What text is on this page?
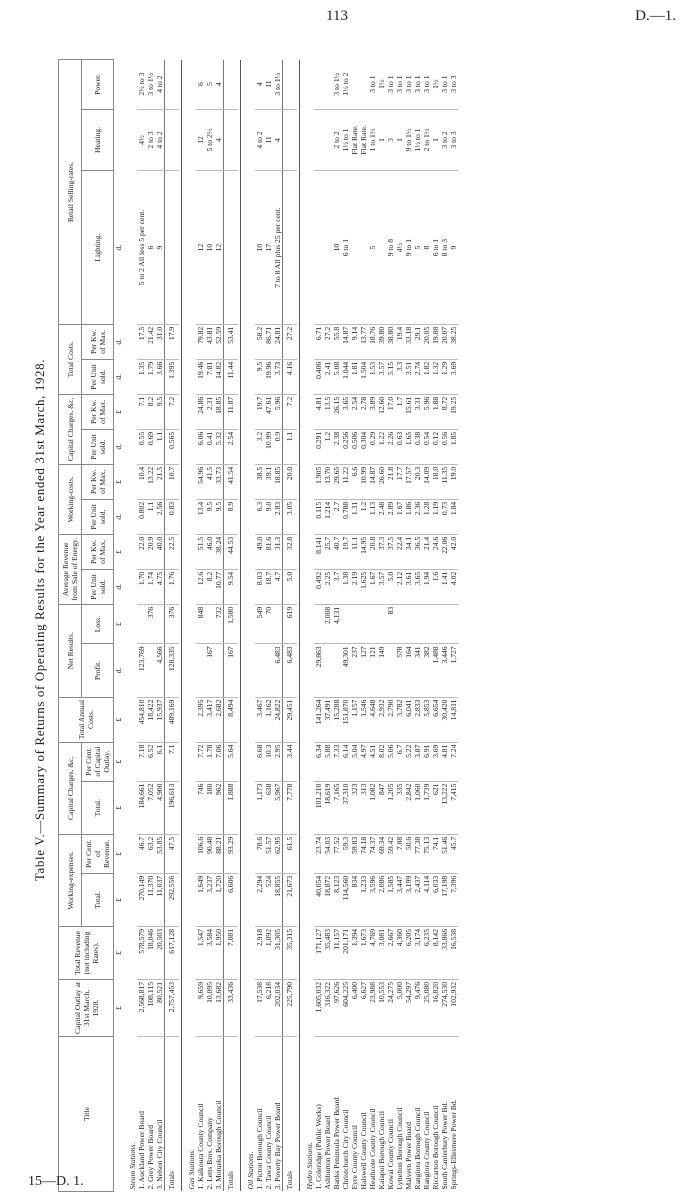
113	D.—1.
Table V.—Summary of Returns of Operating Results for the Year ended 31st March, 1928.
Title	Capital Outlay at 31st March, 1928.	Total Revenue (not including Rates).	Working-expenses.		Capital Charges, &c.		Total Annual Costs.	Net Results.		Average Revenue from Sale of Energy.		Working-costs.		Capital Charges, &c.		Total Costs.		Retail Selling-rates.			
			Total.	Per Cent. of Revenue.	Total.	Per Cent. of Capital Outlay.		Profit.	Loss.	Per Unit sold.	Per Kw. of Max.	Per Unit sold.	Per Kw. of Max.	Per Unit sold.	Per Kw. of Max.	Per Unit sold.	Per Kw. of Max.	Lighting.	Heating.	Power.	
	£	£	£	£	£	£	£	d.	£	d.	£	d.	£	d.	£	d.	d.	d.			
Steam Stations.																					
1. Auckland Power Board	2,568,817	578,579	270,149	46.7	184,661	7.18	454,810	123,769		1.70	22.0	0.802	10.4	0.55	7.1	1.35	17.5	5 to 2 All less 5 per cent.	4½	2½ to 3	
2. Grey Power Board	108,115	18,046	11,370	63.2	7,052	6.52	18,422		376	1.74	20.9	1.1	13.22	0.69	8.2	1.79	21.42	6	2 to 3	3 to 1½	
3. Nelson City Council	80,521	20,503	11,037	53.85	4,900	6.1	15,937	4,566		4.75	40.0	2.56	21.5	1.1	9.5	3.66	31.0	9	4 to 2	4 to 2	
Totals	2,757,453	617,128	292,556	47.5	196,613	7.1	489,169	128,335	376	1.76	22.5	0.83	10.7	0.565	7.2	1.395	17.9				

Gas Stations.																					
1. Kaikoura County Council	9,659	1,547	1,649	106.6	746	7.72	2,395		848	12.6	51.5	13.4	54.96	6.06	24.86	19.46	79.82	12	12	6	
2. Letts Bros. Company	10,095	3,584	3,237	90.48	180	1.78	3,417	167		8.2	46.0	9.5	41.5	0.41	2.31	7.81	43.81	10	5 to 2½	5	
3. Motueka Borough Council	13,682	1,950	1,720	88.21	962	7.06	2,682		732	10.77	38.24	9.5	33.73	5.32	18.85	14.82	52.59	12	4	4	
Totals	33,436	7,081	6,606	93.29	1,888	5.64	8,494	167	1,580	9.54	44.53	8.9	41.54	2.54	11.87	11.44	53.41				

Oil Stations.																					
1. Picton Borough Council	17,538	2,918	2,294	78.6	1,173	6.68	3,467		549	8.03	49.0	6.3	38.5	3.2	19.7	9.5	58.2	10	4 to 2	4	
2. Tawa County Council	6,218	1,092	524	51.57	638	10.3	1,162		70	18.7	81.6	9.0	39.1	10.99	47.61	19.96	86.71	17	11	11	
3. Poverty Bay Power Board	202,034	31,305	18,855	62.95	5,967	2.95	24,822	6,483		4.7	31.3	2.83	18.85	0.9	5.96	3.73	24.81	7 to 8 All plus 25 per cent.	4	3 to 1½	
Totals	225,790	35,315	21,673	61.5	7,778	3.44	29,451	6,483	619	5.0	32.8	3.05	20.0	1.1	7.2	4.16	27.2				

Hydro Stations.																					
1. Coleridge (Public Works)	1,605,032	171,127	40,054	23.74	101,210	6.34	141,264	29,863		0.492	8.141	0.115	1.905	0.291	4.81	0.406	6.71				
Ashburton Power Board	316,322	35,483	18,872	54.03	18,619	5.88	37,491		2,008	2.25	25.7	1.214	13.70	1.2	13.5	2.41	27.2				
Banks Peninsula Power Board	97,626	11,157	8,123	77.52	7,165	7.33	15,288		4,131	3.7	40.7	2.7	29.65	2.38	26.15	5.08	55.8	10	2 to 2	3 to 1½	
Christchurch City Council	604,225	201,171	114,560	59.3	37,310	6.14	151,870	49,301		1.38	19.7	0.788	11.22	0.256	3.65	1.044	14.87	6 to 1	1½ to 1	1½ to 2	
Eyre County Council	6,400	1,394	834	59.83	323	5.04	1,157	237		2.19	11.1	1.31	6.6	0.506	2.54	1.81	9.14		Flat Rate.		
Halswell County Council	6,627	1,673	1,233	74.18	313	4.97	1,546	127		1.625	14.95	1.2	10.99	0.304	2.78	1.504	13.77		Flat Rate.		
Heathcote County Council	23,988	4,769	3,596	74.37	1,082	4.51	4,648	121		1.67	20.8	1.13	14.87	0.29	3.89	1.53	18.76	5	1 to 1½	3 to 1	
Kaiapoi Borough Council	10,553	3,081	2,086	69.34	847	8.02	2,932	149		3.57	37.3	2.48	26.60	1.22	12.60	3.57	39.80		1	1½	
Kowai County Council	24,275	2,667	1,585	59.42	1,205	5.06	2,790		83	5.0	37.5	2.89	21.8	2.26	17.0	5.15	38.80	9 to 8	3	3 to 1	
Lyttelton Borough Council	5,000	4,360	3,447	7.88	335	6.7	3,782	578		2.12	22.4	1.67	17.7	0.63	1.7	3.3	19.4	4½	1	3 to 1	
Malvern Power Board	54,297	6,205	3,199	50.6	2,842	5.22	6,041	164		3.61	34.1	1.86	17.57	1.65	15.61	3.51	33.18	9 to 1	9 to 1½	3 to 1	
Rangiora Borough Council	9,476	3,174	2,437	77.38	1,060	3.87	2,833	341		3.65	36.5	2.36	20.3	0.38	3.31	2.74	29.1	5	1½ to 1	3 to 1	
Rangiora County Council	25,080	6,235	4,114	75.13	1,739	6.91	5,853	382		1.94	21.4	1.28	14.09	0.54	5.96	1.82	20.05	8	2 to 1½	3 to 1	
Riccarton Borough Council	16,820	8,142	6,033	74.1	621	3.69	6,654	1,488		1.6	24.6	1.19	18.0	0.12	1.88	1.32	19.88	6 to 1	1	1½	
South Canterbury Power Bd.	274,530	33,866	17,198	51.46	13,222	4.81	30,420	3,446		1.41	22.06	0.73	11.35	0.56	8.72	1.29	20.07	8 to 3	3 to 2	3 to 1	
Springs-Ellesmere Power Bd.	102,932	16,538	7,396	45.7	7,415	7.24	14,811	1,727		4.02	42.0	1.84	19.0	1.85	19.25	3.69	38.25	9	3 to 3	3 to 3	
15—D. 1.
